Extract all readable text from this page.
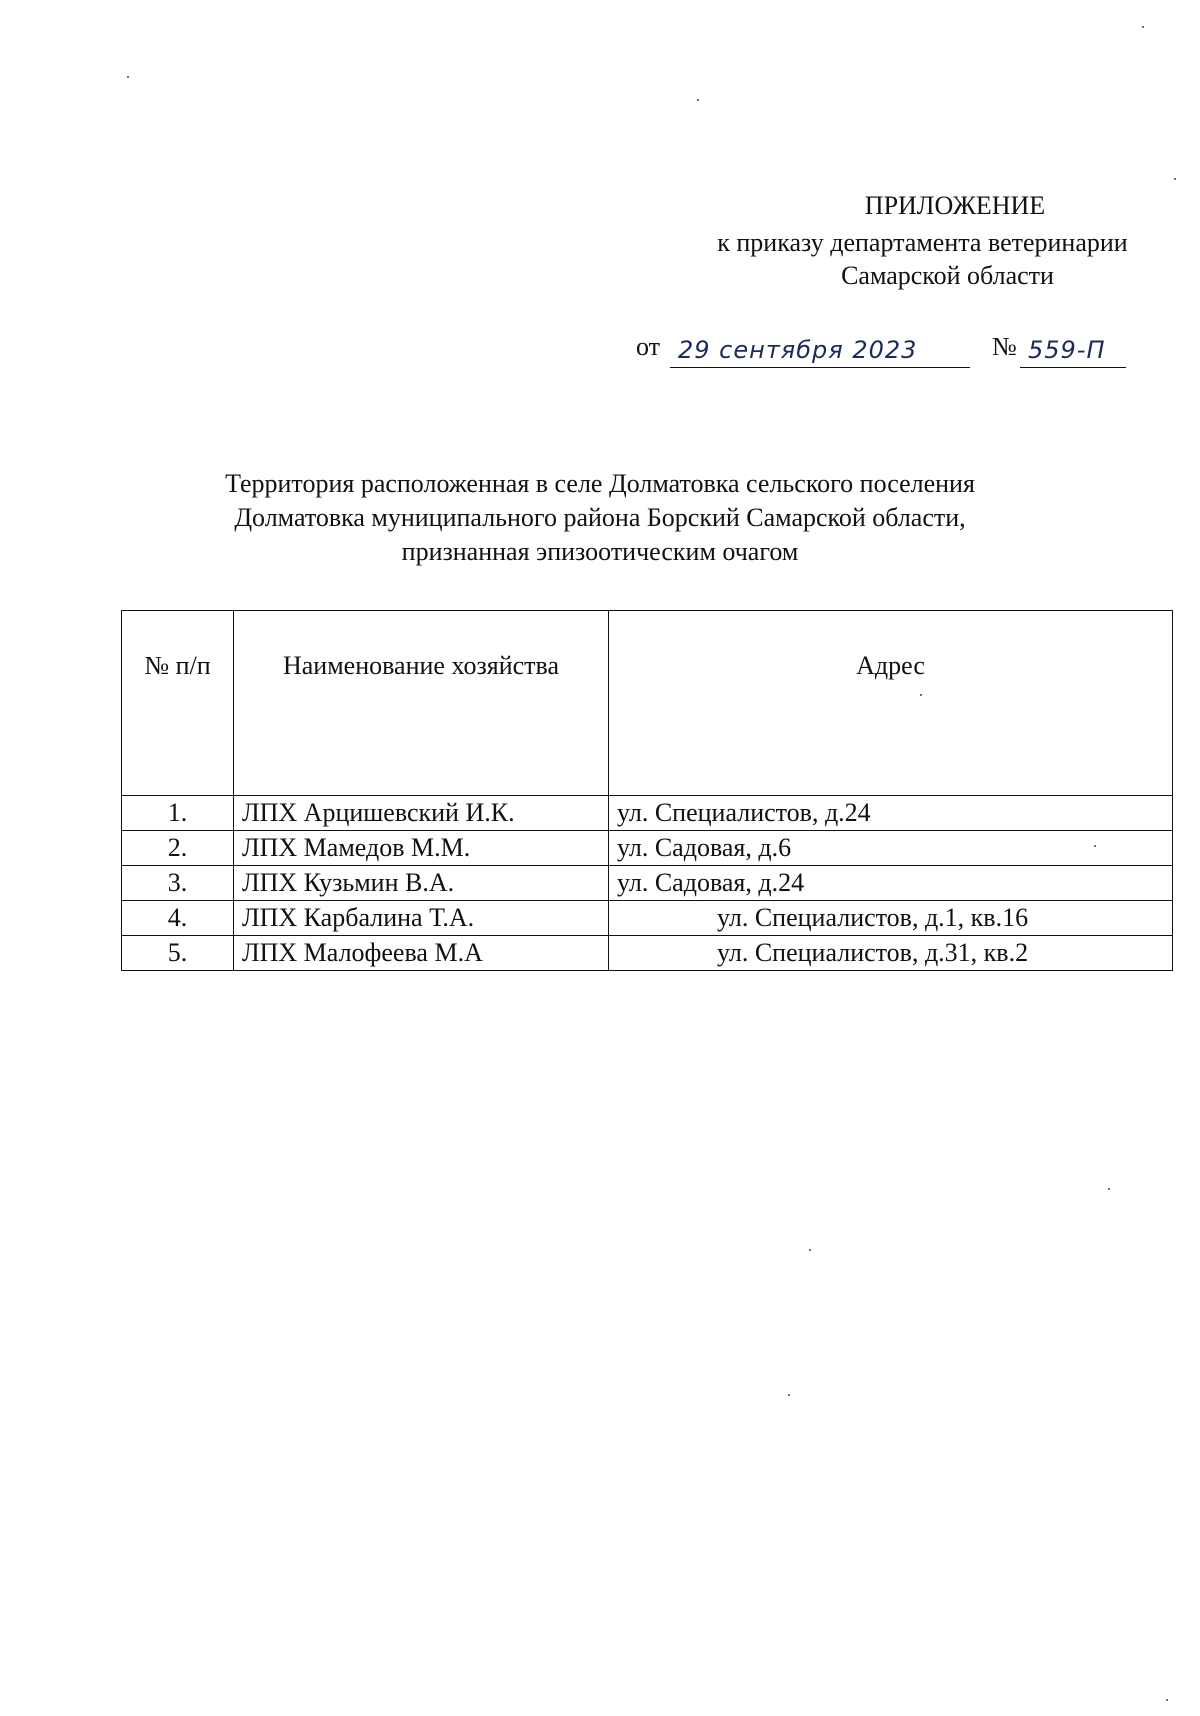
ПРИЛОЖЕНИЕ
к приказу департамента ветеринарии
Самарской области
от 29 сентября 2023	№ 559-П
Территория расположенная в селе Долматовка сельского поселения
Долматовка муниципального района Борский Самарской области,
признанная эпизоотическим очагом
№ п/п	Наименование хозяйства	Адрес
1.	ЛПХ Арцишевский И.К.	ул. Специалистов, д.24
2.	ЛПХ Мамедов М.М.	ул. Садовая, д.6
3.	ЛПХ Кузьмин В.А.	ул. Садовая, д.24
4.	ЛПХ Карбалина Т.А.	ул. Специалистов, д.1, кв.16
5.	ЛПХ Малофеева М.А	ул. Специалистов, д.31, кв.2
